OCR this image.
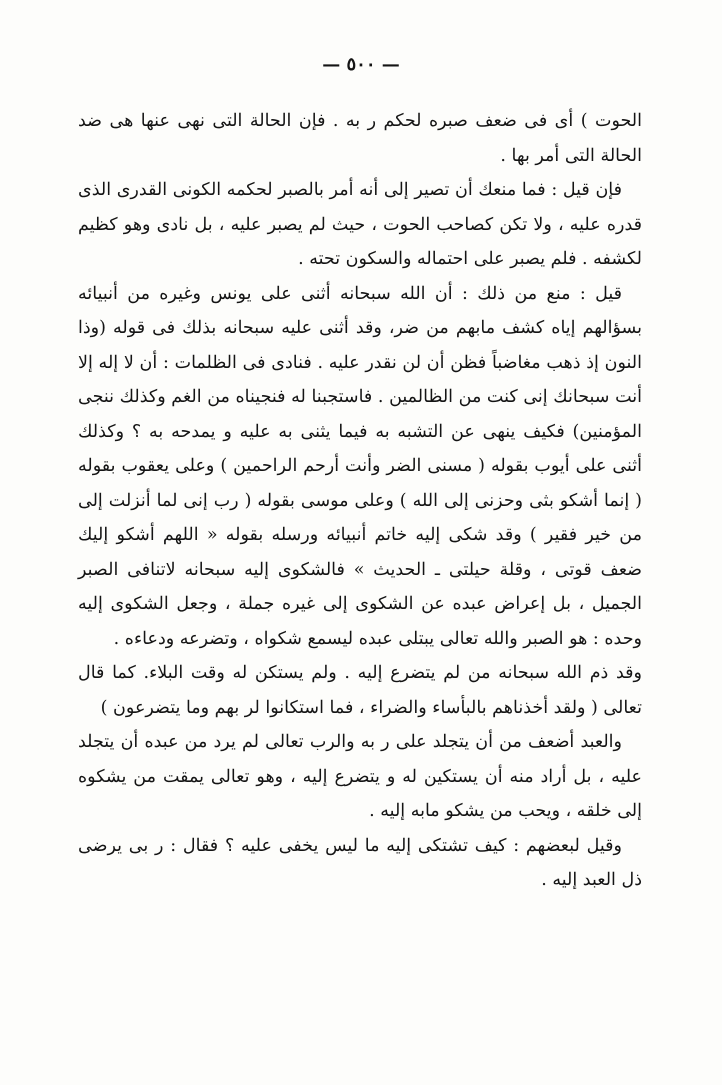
— ٥٠٠ —

الحوت ) أى فى ضعف صبره لحكم ر به . فإن الحالة التى نهى عنها هى ضد الحالة التى أمر بها .

فإن قيل : فما منعك أن تصير إلى أنه أمر بالصبر لحكمه الكونى القدرى الذى قدره عليه ، ولا تكن كصاحب الحوت ، حيث لم يصبر عليه ، بل نادى وهو كظيم لكشفه . فلم يصبر على احتماله والسكون تحته .

قيل : منع من ذلك : أن الله سبحانه أثنى على يونس وغيره من أنبيائه بسؤالهم إياه كشف مابهم من ضر، وقد أثنى عليه سبحانه بذلك فى قوله (وذا النون إذ ذهب مغاضباً فظن أن لن نقدر عليه . فنادى فى الظلمات : أن لا إله إلا أنت سبحانك إنى كنت من الظالمين . فاستجبنا له فنجيناه من الغم وكذلك ننجى المؤمنين) فكيف ينهى عن التشبه به فيما يثنى به عليه و يمدحه به ؟ وكذلك أثنى على أيوب بقوله ( مسنى الضر وأنت أرحم الراحمين ) وعلى يعقوب بقوله ( إنما أشكو بثى وحزنى إلى الله ) وعلى موسى بقوله ( رب إنى لما أنزلت إلى من خير فقير ) وقد شكى إليه خاتم أنبيائه ورسله بقوله « اللهم أشكو إليك ضعف قوتى ، وقلة حيلتى ـ الحديث » فالشكوى إليه سبحانه لاتنافى الصبر الجميل ، بل إعراض عبده عن الشكوى إلى غيره جملة ، وجعل الشكوى إليه وحده : هو الصبر والله تعالى يبتلى عبده ليسمع شكواه ، وتضرعه ودعاءه .

وقد ذم الله سبحانه من لم يتضرع إليه . ولم يستكن له وقت البلاء. كما قال تعالى ( ولقد أخذناهم بالبأساء والضراء ، فما استكانوا لر بهم وما يتضرعون )

والعبد أضعف من أن يتجلد على ر به والرب تعالى لم يرد من عبده أن يتجلد عليه ، بل أراد منه أن يستكين له و يتضرع إليه ، وهو تعالى يمقت من يشكوه إلى خلقه ، ويحب من يشكو مابه إليه .

وقيل لبعضهم : كيف تشتكى إليه ما ليس يخفى عليه ؟ فقال : ر بى يرضى ذل العبد إليه .
